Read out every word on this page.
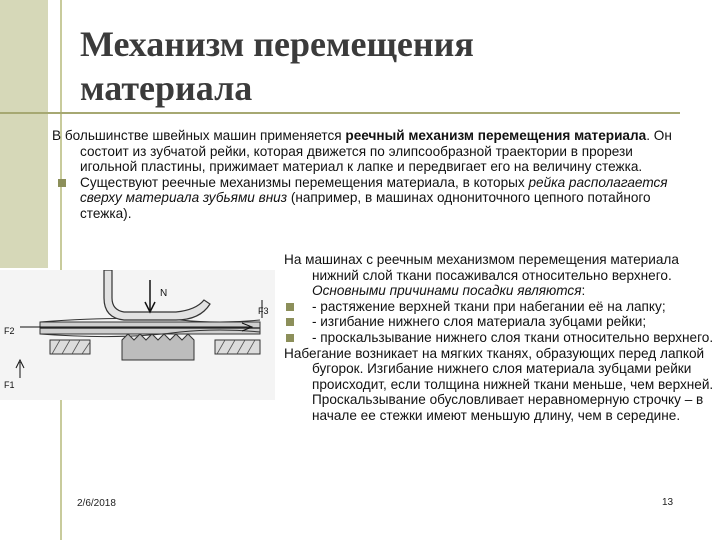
Механизм перемещения
материала

В большинстве швейных машин применяется реечный механизм перемещения материала. Он состоит из зубчатой рейки, которая движется по элипсообразной траектории в прорези игольной пластины, прижимает материал к лапке и передвигает его на величину стежка.

Существуют реечные механизмы перемещения материала, в которых рейка располагается сверху материала зубьями вниз (например, в машинах однониточного цепного потайного стежка).

N
F2
F3
F1

На машинах с реечным механизмом перемещения материала нижний слой ткани посаживался относительно верхнего. Основными причинами посадки являются:

- растяжение верхней ткани при набегании её на лапку;

- изгибание нижнего слоя материала зубцами рейки;

- проскальзывание нижнего слоя ткани относительно верхнего.

Набегание возникает на мягких тканях, образующих перед лапкой бугорок. Изгибание нижнего слоя материала зубцами рейки происходит, если толщина нижней ткани меньше, чем верхней. Проскальзывание обусловливает неравномерную строчку – в начале ее стежки имеют меньшую длину, чем в середине.

2/6/2018	13
